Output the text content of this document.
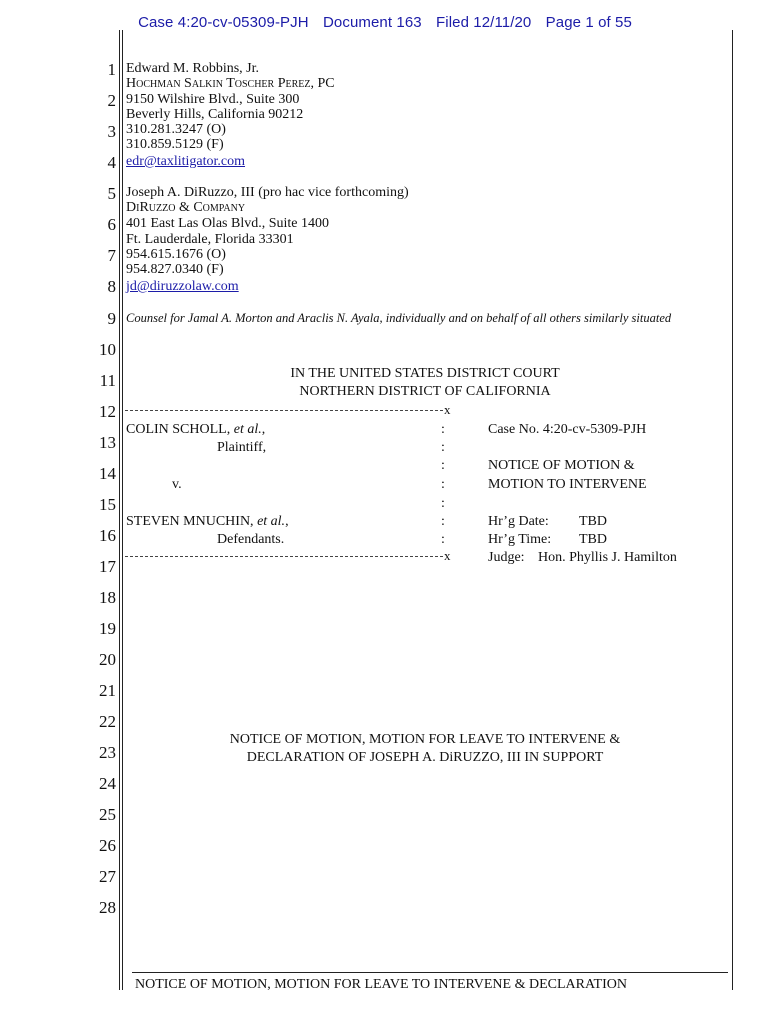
Case 4:20-cv-05309-PJH Document 163 Filed 12/11/20 Page 1 of 55
1
2
3
4
5
6
7
8
9
10
11
12
13
14
15
16
17
18
19
20
21
22
23
24
25
26
27
28
Edward M. Robbins, Jr.
Hochman Salkin Toscher Perez, PC
9150 Wilshire Blvd., Suite 300
Beverly Hills, California 90212
310.281.3247 (O)
310.859.5129 (F)
edr@taxlitigator.com
Joseph A. DiRuzzo, III (pro hac vice forthcoming)
DiRuzzo & Company
401 East Las Olas Blvd., Suite 1400
Ft. Lauderdale, Florida 33301
954.615.1676 (O)
954.827.0340 (F)
jd@diruzzolaw.com
Counsel for Jamal A. Morton and Araclis N. Ayala, individually and on behalf of all others similarly situated
IN THE UNITED STATES DISTRICT COURT
NORTHERN DISTRICT OF CALIFORNIA
x
COLIN SCHOLL, et al.,
Plaintiff,
v.
STEVEN MNUCHIN, et al.,
Defendants.
x
:
:
:
:
:
:
:
Case No. 4:20-cv-5309-PJH
NOTICE OF MOTION &
MOTION TO INTERVENE
Hr’g Date: TBD
Hr’g Time: TBD
Judge: Hon. Phyllis J. Hamilton
NOTICE OF MOTION, MOTION FOR LEAVE TO INTERVENE &
DECLARATION OF JOSEPH A. DiRUZZO, III IN SUPPORT
NOTICE OF MOTION, MOTION FOR LEAVE TO INTERVENE & DECLARATION
